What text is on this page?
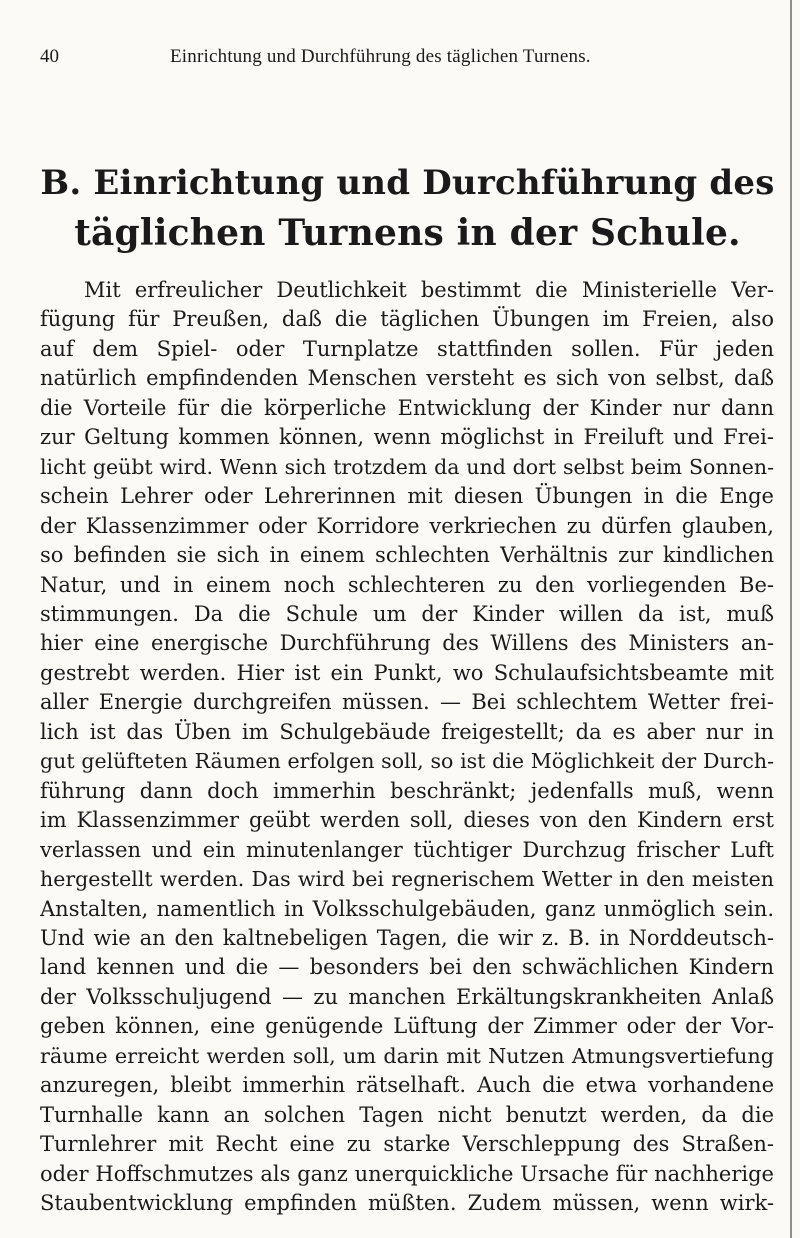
40	Einrichtung und Durchführung des täglichen Turnens.
B. Einrichtung und Durchführung des
täglichen Turnens in der Schule.
Mit erfreulicher Deutlichkeit bestimmt die Ministerielle Ver-
fügung für Preußen, daß die täglichen Übungen im Freien, also
auf dem Spiel- oder Turnplatze stattfinden sollen. Für jeden
natürlich empfindenden Menschen versteht es sich von selbst, daß
die Vorteile für die körperliche Entwicklung der Kinder nur dann
zur Geltung kommen können, wenn möglichst in Freiluft und Frei-
licht geübt wird. Wenn sich trotzdem da und dort selbst beim Sonnen-
schein Lehrer oder Lehrerinnen mit diesen Übungen in die Enge
der Klassenzimmer oder Korridore verkriechen zu dürfen glauben,
so befinden sie sich in einem schlechten Verhältnis zur kindlichen
Natur, und in einem noch schlechteren zu den vorliegenden Be-
stimmungen. Da die Schule um der Kinder willen da ist, muß
hier eine energische Durchführung des Willens des Ministers an-
gestrebt werden. Hier ist ein Punkt, wo Schulaufsichtsbeamte mit
aller Energie durchgreifen müssen. — Bei schlechtem Wetter frei-
lich ist das Üben im Schulgebäude freigestellt; da es aber nur in
gut gelüfteten Räumen erfolgen soll, so ist die Möglichkeit der Durch-
führung dann doch immerhin beschränkt; jedenfalls muß, wenn
im Klassenzimmer geübt werden soll, dieses von den Kindern erst
verlassen und ein minutenlanger tüchtiger Durchzug frischer Luft
hergestellt werden. Das wird bei regnerischem Wetter in den meisten
Anstalten, namentlich in Volksschulgebäuden, ganz unmöglich sein.
Und wie an den kaltnebeligen Tagen, die wir z. B. in Norddeutsch-
land kennen und die — besonders bei den schwächlichen Kindern
der Volksschuljugend — zu manchen Erkältungskrankheiten Anlaß
geben können, eine genügende Lüftung der Zimmer oder der Vor-
räume erreicht werden soll, um darin mit Nutzen Atmungsvertiefung
anzuregen, bleibt immerhin rätselhaft. Auch die etwa vorhandene
Turnhalle kann an solchen Tagen nicht benutzt werden, da die
Turnlehrer mit Recht eine zu starke Verschleppung des Straßen-
oder Hoffschmutzes als ganz unerquickliche Ursache für nachherige
Staubentwicklung empfinden müßten. Zudem müssen, wenn wirk-
